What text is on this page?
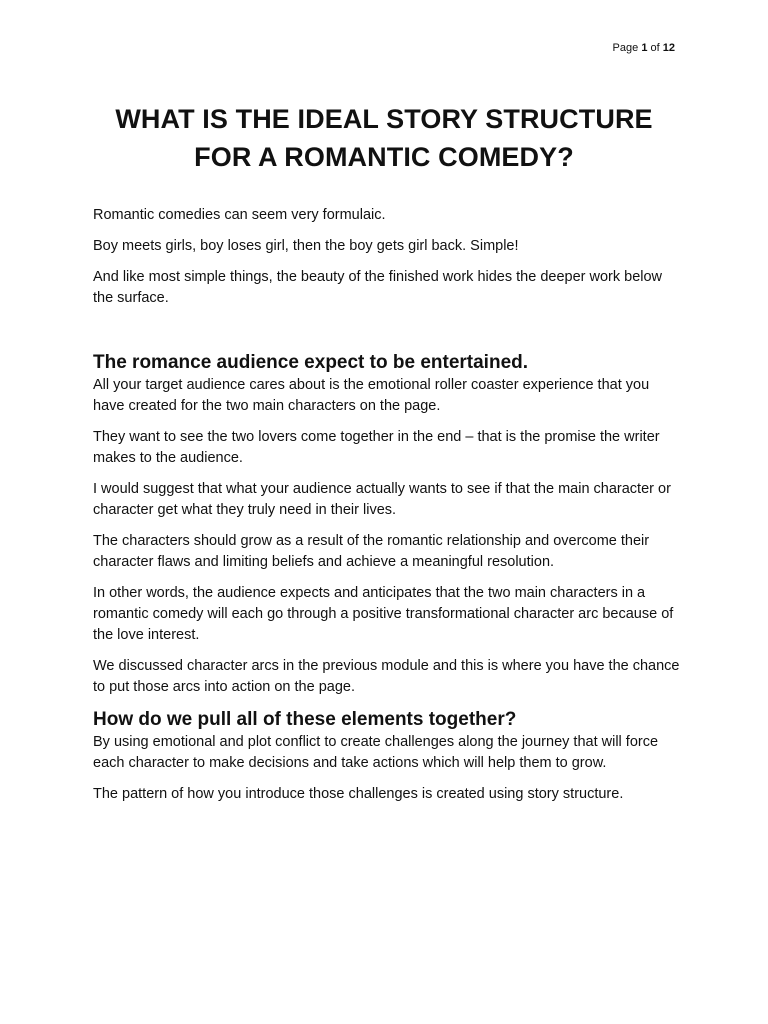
Page 1 of 12
WHAT IS THE IDEAL STORY STRUCTURE
FOR A ROMANTIC COMEDY?

Romantic comedies can seem very formulaic.

Boy meets girls, boy loses girl, then the boy gets girl back. Simple!

And like most simple things, the beauty of the finished work hides the deeper work below the surface.

The romance audience expect to be entertained.

All your target audience cares about is the emotional roller coaster experience that you have created for the two main characters on the page.

They want to see the two lovers come together in the end – that is the promise the writer makes to the audience.

I would suggest that what your audience actually wants to see if that the main character or character get what they truly need in their lives.

The characters should grow as a result of the romantic relationship and overcome their character flaws and limiting beliefs and achieve a meaningful resolution.

In other words, the audience expects and anticipates that the two main characters in a romantic comedy will each go through a positive transformational character arc because of the love interest.

We discussed character arcs in the previous module and this is where you have the chance to put those arcs into action on the page.

How do we pull all of these elements together?

By using emotional and plot conflict to create challenges along the journey that will force each character to make decisions and take actions which will help them to grow.

The pattern of how you introduce those challenges is created using story structure.
